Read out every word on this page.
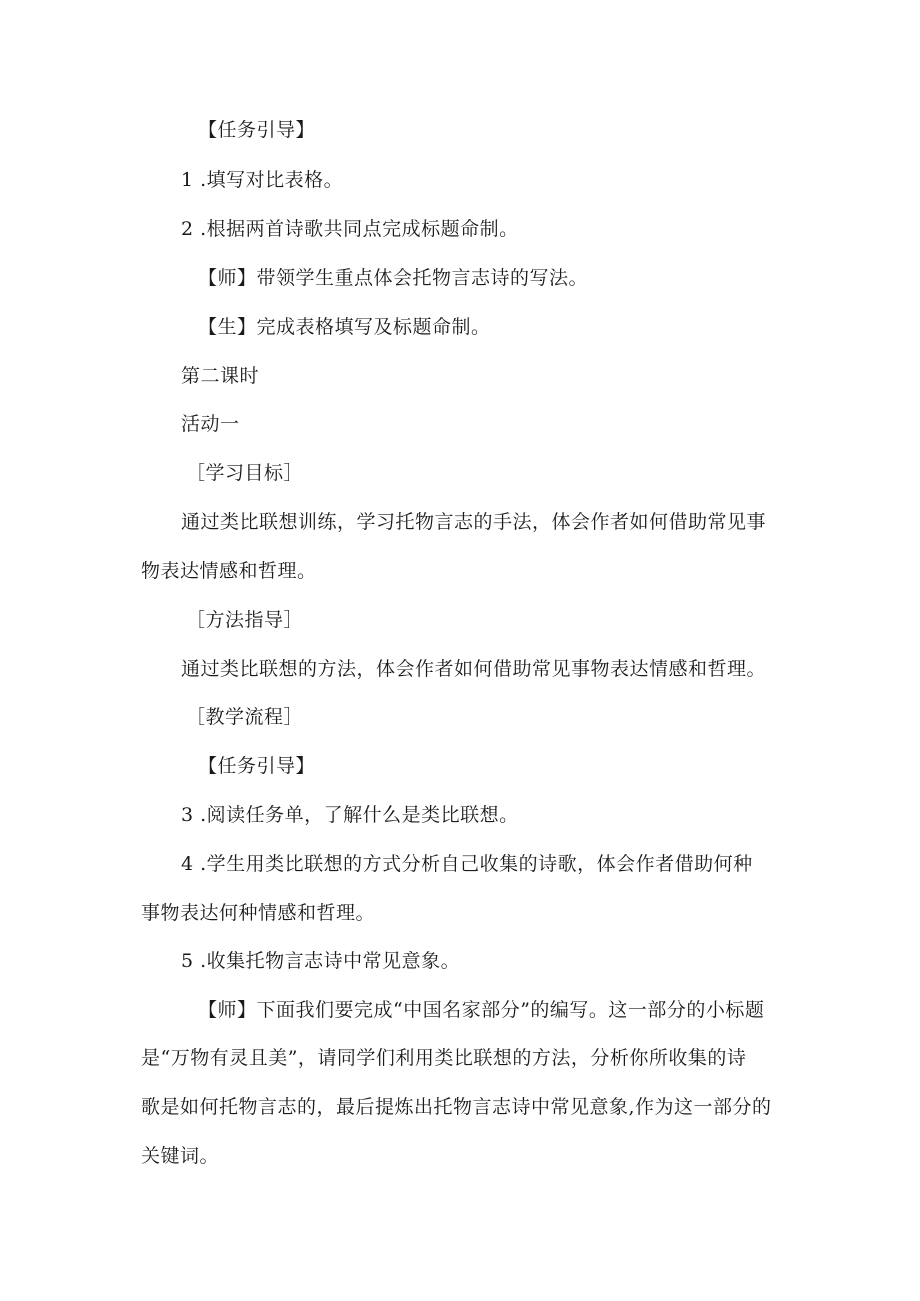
【任务引导】
1 .填写对比表格。
2 .根据两首诗歌共同点完成标题命制。
【师】带领学生重点体会托物言志诗的写法。
【生】完成表格填写及标题命制。
第二课时
活动一
［学习目标］
通过类比联想训练，学习托物言志的手法，体会作者如何借助常见事
物表达情感和哲理。
［方法指导］
通过类比联想的方法，体会作者如何借助常见事物表达情感和哲理。
［教学流程］
【任务引导】
3 .阅读任务单，了解什么是类比联想。
4 .学生用类比联想的方式分析自己收集的诗歌，体会作者借助何种
事物表达何种情感和哲理。
5 .收集托物言志诗中常见意象。
【师】下面我们要完成“中国名家部分”的编写。这一部分的小标题
是“万物有灵且美”，请同学们利用类比联想的方法，分析你所收集的诗
歌是如何托物言志的，最后提炼出托物言志诗中常见意象,作为这一部分的
关键词。
